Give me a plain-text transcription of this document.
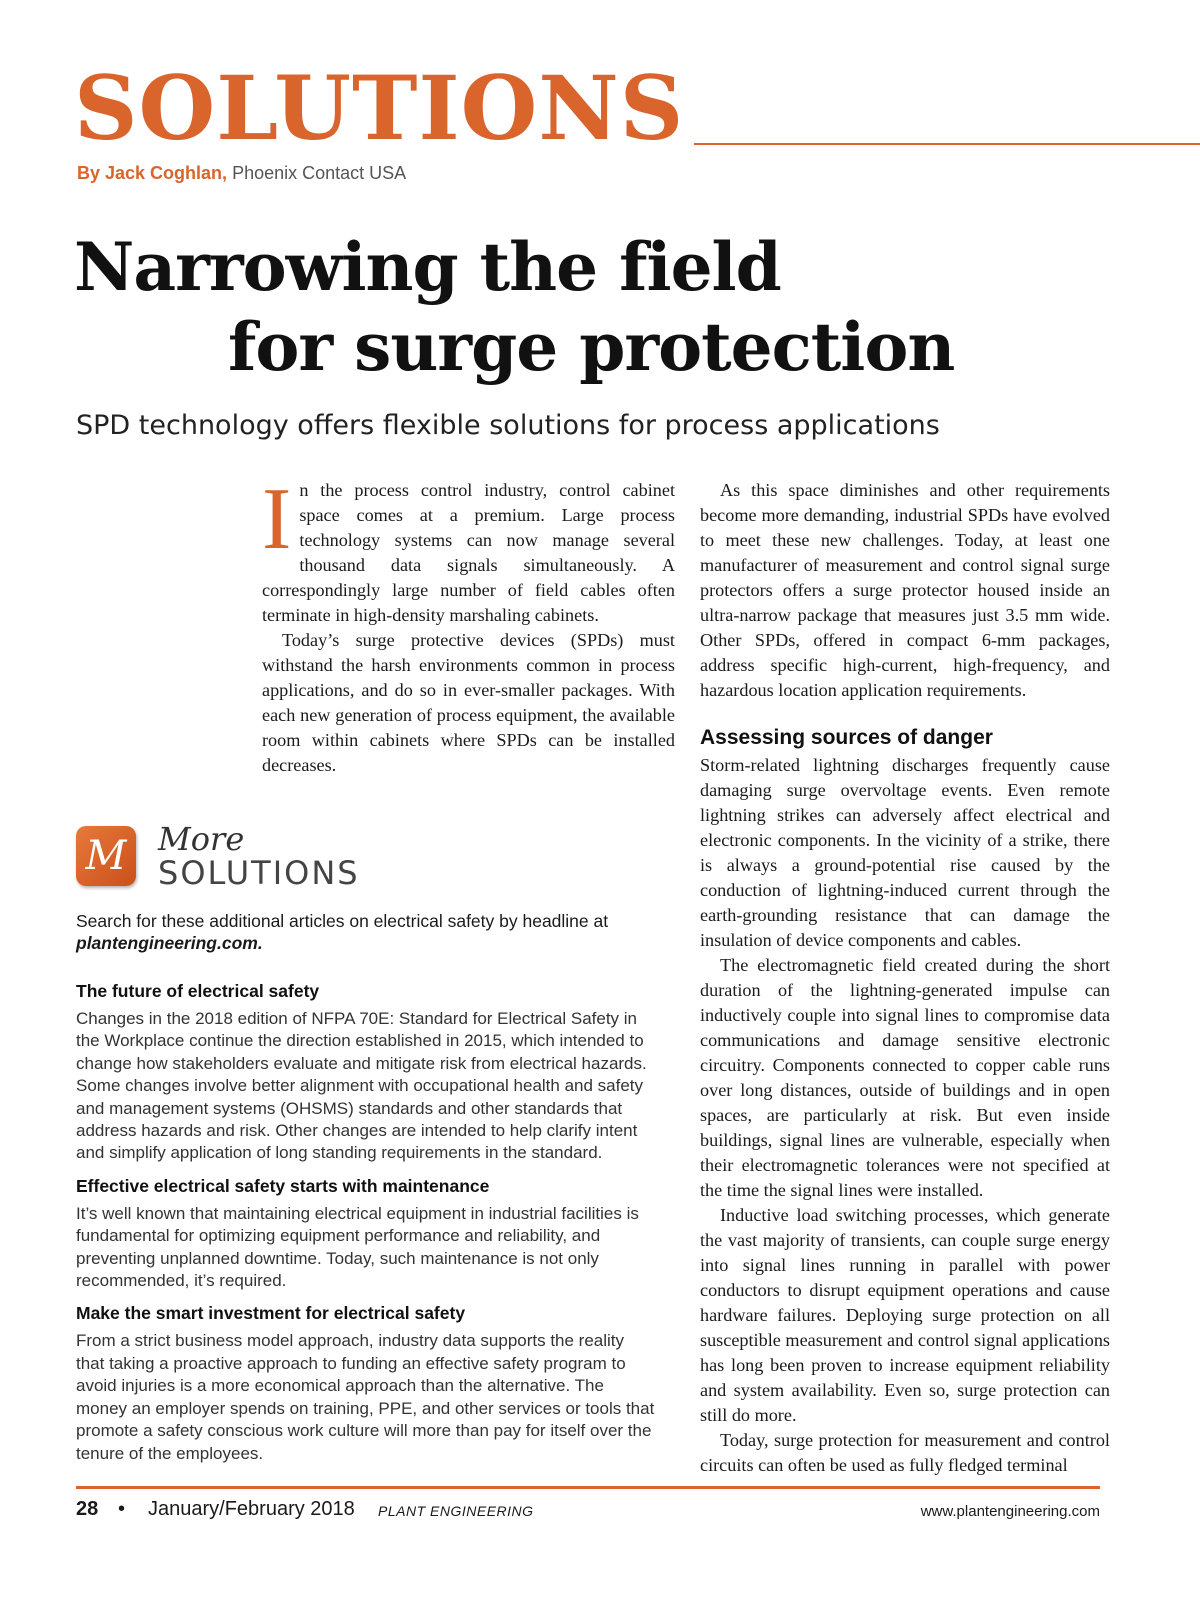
SOLUTIONS
By Jack Coghlan, Phoenix Contact USA
Narrowing the field
for surge protection
SPD technology offers flexible solutions for process applications

In the process control industry, control cabinet space comes at a premium. Large process technology systems can now manage several thousand data signals simultaneously. A correspondingly large number of field cables often terminate in high-density marshaling cabinets.

Today’s surge protective devices (SPDs) must withstand the harsh environments common in process applications, and do so in ever-smaller packages. With each new generation of process equipment, the available room within cabinets where SPDs can be installed decreases.

As this space diminishes and other requirements become more demanding, industrial SPDs have evolved to meet these new challenges. Today, at least one manufacturer of measurement and control signal surge protectors offers a surge protector housed inside an ultra-narrow package that measures just 3.5 mm wide. Other SPDs, offered in compact 6-mm packages, address specific high-current, high-frequency, and hazardous location application requirements.

Assessing sources of danger

Storm-related lightning discharges frequently cause damaging surge overvoltage events. Even remote lightning strikes can adversely affect electrical and electronic components. In the vicinity of a strike, there is always a ground-potential rise caused by the conduction of lightning-induced current through the earth-grounding resistance that can damage the insulation of device components and cables.

The electromagnetic field created during the short duration of the lightning-generated impulse can inductively couple into signal lines to compromise data communications and damage sensitive electronic circuitry. Components connected to copper cable runs over long distances, outside of buildings and in open spaces, are particularly at risk. But even inside buildings, signal lines are vulnerable, especially when their electromagnetic tolerances were not specified at the time the signal lines were installed.

Inductive load switching processes, which generate the vast majority of transients, can couple surge energy into signal lines running in parallel with power conductors to disrupt equipment operations and cause hardware failures. Deploying surge protection on all susceptible measurement and control signal applications has long been proven to increase equipment reliability and system availability. Even so, surge protection can still do more.

Today, surge protection for measurement and control circuits can often be used as fully fledged terminal

M More
SOLUTIONS
Search for these additional articles on electrical safety by headline at plantengineering.com.
The future of electrical safety
Changes in the 2018 edition of NFPA 70E: Standard for Electrical Safety in the Workplace continue the direction established in 2015, which intended to change how stakeholders evaluate and mitigate risk from electrical hazards. Some changes involve better alignment with occupational health and safety and management systems (OHSMS) standards and other standards that address hazards and risk. Other changes are intended to help clarify intent and simplify application of long standing requirements in the standard.
Effective electrical safety starts with maintenance
It’s well known that maintaining electrical equipment in industrial facilities is fundamental for optimizing equipment performance and reliability, and preventing unplanned downtime. Today, such maintenance is not only recommended, it’s required.
Make the smart investment for electrical safety
From a strict business model approach, industry data supports the reality that taking a proactive approach to funding an effective safety program to avoid injuries is a more economical approach than the alternative. The money an employer spends on training, PPE, and other services or tools that promote a safety conscious work culture will more than pay for itself over the tenure of the employees.
28 • January/February 2018 PLANT ENGINEERING	www.plantengineering.com
